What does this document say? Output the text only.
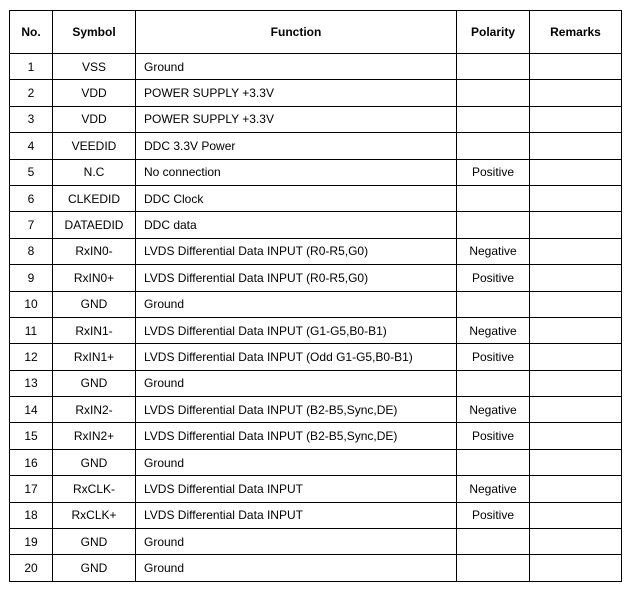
No.	Symbol	Function	Polarity	Remarks
1	VSS	Ground		
2	VDD	POWER SUPPLY +3.3V		
3	VDD	POWER SUPPLY +3.3V		
4	VEEDID	DDC 3.3V Power		
5	N.C	No connection	Positive	
6	CLKEDID	DDC Clock		
7	DATAEDID	DDC data		
8	RxIN0-	LVDS Differential Data INPUT (R0-R5,G0)	Negative	
9	RxIN0+	LVDS Differential Data INPUT (R0-R5,G0)	Positive	
10	GND	Ground		
11	RxIN1-	LVDS Differential Data INPUT (G1-G5,B0-B1)	Negative	
12	RxIN1+	LVDS Differential Data INPUT (Odd G1-G5,B0-B1)	Positive	
13	GND	Ground		
14	RxIN2-	LVDS Differential Data INPUT (B2-B5,Sync,DE)	Negative	
15	RxIN2+	LVDS Differential Data INPUT (B2-B5,Sync,DE)	Positive	
16	GND	Ground		
17	RxCLK-	LVDS Differential Data INPUT	Negative	
18	RxCLK+	LVDS Differential Data INPUT	Positive	
19	GND	Ground		
20	GND	Ground		
